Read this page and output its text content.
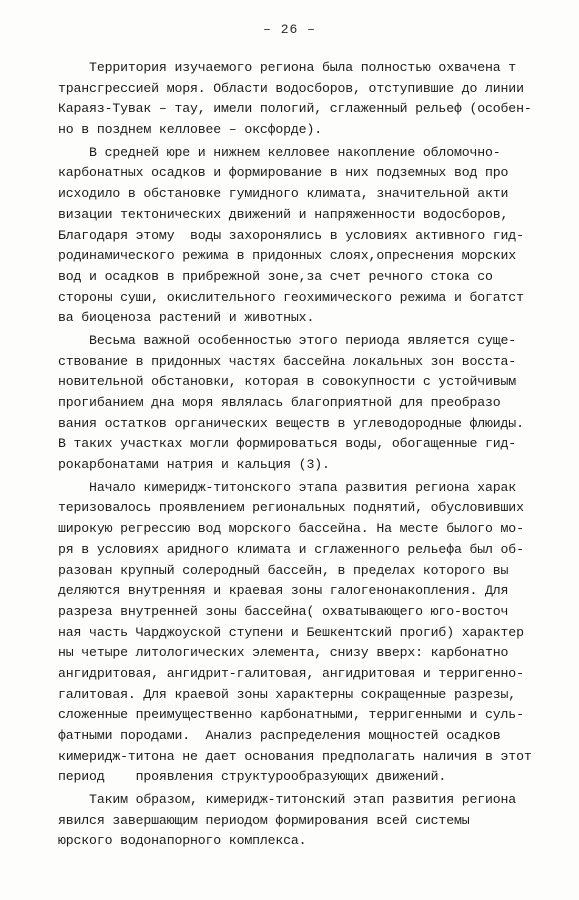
– 26 –
Территория изучаемого региона была полностью охвачена т
трансгрессией моря. Области водосборов, отступившие до линии
Караяз-Тувак – тау, имели пологий, сглаженный рельеф (особен-
но в позднем келловее – оксфорде).
В средней юре и нижнем келловее накопление обломочно-
карбонатных осадков и формирование в них подземных вод про
исходило в обстановке гумидного климата, значительной акти
визации тектонических движений и напряженности водосборов,
Благодаря этому  воды захоронялись в условиях активного гид-
родинамического режима в придонных слоях,опреснения морских
вод и осадков в прибрежной зоне,за счет речного стока со
стороны суши, окислительного геохимического режима и богатст
ва биоценоза растений и животных.
Весьма важной особенностью этого периода является суще-
ствование в придонных частях бассейна локальных зон восста-
новительной обстановки, которая в совокупности с устойчивым
прогибанием дна моря являлась благоприятной для преобразо
вания остатков органических веществ в углеводородные флюиды.
В таких участках могли формироваться воды, обогащенные гид-
рокарбонатами натрия и кальция (3).
Начало кимеридж-титонского этапа развития региона харак
теризовалось проявлением региональных поднятий, обусловивших
широкую регрессию вод морского бассейна. На месте былого мо-
ря в условиях аридного климата и сглаженного рельефа был об-
разован крупный солеродный бассейн, в пределах которого вы
деляются внутренняя и краевая зоны галогенонакопления. Для
разреза внутренней зоны бассейна( охватывающего юго-восточ
ная часть Чарджоуской ступени и Бешкентский прогиб) характер
ны четыре литологических элемента, снизу вверх: карбонатно
ангидритовая, ангидрит-галитовая, ангидритовая и терригенно-
галитовая. Для краевой зоны характерны сокращенные разрезы,
сложенные преимущественно карбонатными, терригенными и суль-
фатными породами.  Анализ распределения мощностей осадков
кимеридж-титона не дает основания предполагать наличия в этот
период    проявления структурообразующих движений.
Таким образом, кимеридж-титонский этап развития региона
явился завершающим периодом формирования всей системы
юрского водонапорного комплекса.
